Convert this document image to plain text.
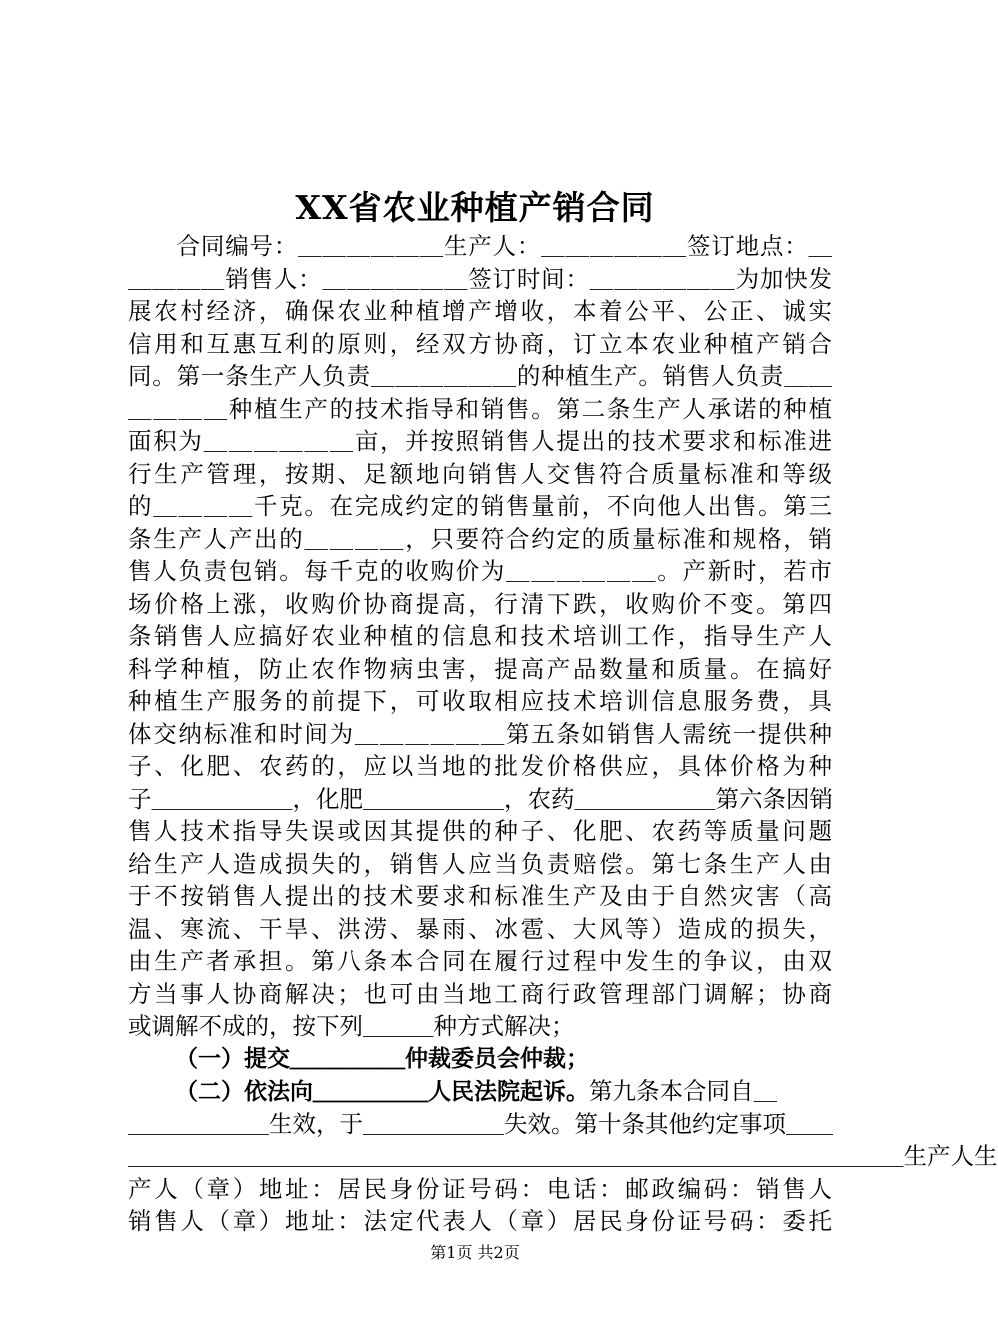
XX省农业种植产销合同
　　合同编号：＿＿＿＿＿＿生产人：＿＿＿＿＿＿签订地点：＿
＿＿＿＿销售人：＿＿＿＿＿＿签订时间：＿＿＿＿＿＿为加快发
展农村经济，确保农业种植增产增收，本着公平、公正、诚实
信用和互惠互利的原则，经双方协商，订立本农业种植产销合
同。第一条生产人负责＿＿＿＿＿＿的种植生产。销售人负责＿＿
＿＿＿＿种植生产的技术指导和销售。第二条生产人承诺的种植
面积为＿＿＿＿＿＿亩，并按照销售人提出的技术要求和标准进
行生产管理，按期、足额地向销售人交售符合质量标准和等级
的＿＿＿＿千克。在完成约定的销售量前，不向他人出售。第三
条生产人产出的＿＿＿＿，只要符合约定的质量标准和规格，销
售人负责包销。每千克的收购价为＿＿＿＿＿＿。产新时，若市
场价格上涨，收购价协商提高，行清下跌，收购价不变。第四
条销售人应搞好农业种植的信息和技术培训工作，指导生产人
科学种植，防止农作物病虫害，提高产品数量和质量。在搞好
种植生产服务的前提下，可收取相应技术培训信息服务费，具
体交纳标准和时间为＿＿＿＿＿＿第五条如销售人需统一提供种
子、化肥、农药的，应以当地的批发价格供应，具体价格为种
子＿＿＿＿＿＿，化肥＿＿＿＿＿＿，农药＿＿＿＿＿＿第六条因销
售人技术指导失误或因其提供的种子、化肥、农药等质量问题
给生产人造成损失的，销售人应当负责赔偿。第七条生产人由
于不按销售人提出的技术要求和标准生产及由于自然灾害（高
温、寒流、干旱、洪涝、暴雨、冰雹、大风等）造成的损失，
由生产者承担。第八条本合同在履行过程中发生的争议，由双
方当事人协商解决；也可由当地工商行政管理部门调解；协商
或调解不成的，按下列＿＿＿种方式解决；
（一）提交＿＿＿＿＿仲裁委员会仲裁；
（二）依法向＿＿＿＿＿人民法院起诉。第九条本合同自＿
＿＿＿＿＿＿生效，于＿＿＿＿＿＿失效。第十条其他约定事项＿＿
＿＿＿＿＿＿＿＿＿＿＿＿＿＿＿＿＿＿＿＿＿＿＿＿＿＿＿＿＿＿＿＿＿生产人生
产人（章）地址：居民身份证号码：电话：邮政编码：销售人
销售人（章）地址：法定代表人（章）居民身份证号码：委托
第1页 共2页
